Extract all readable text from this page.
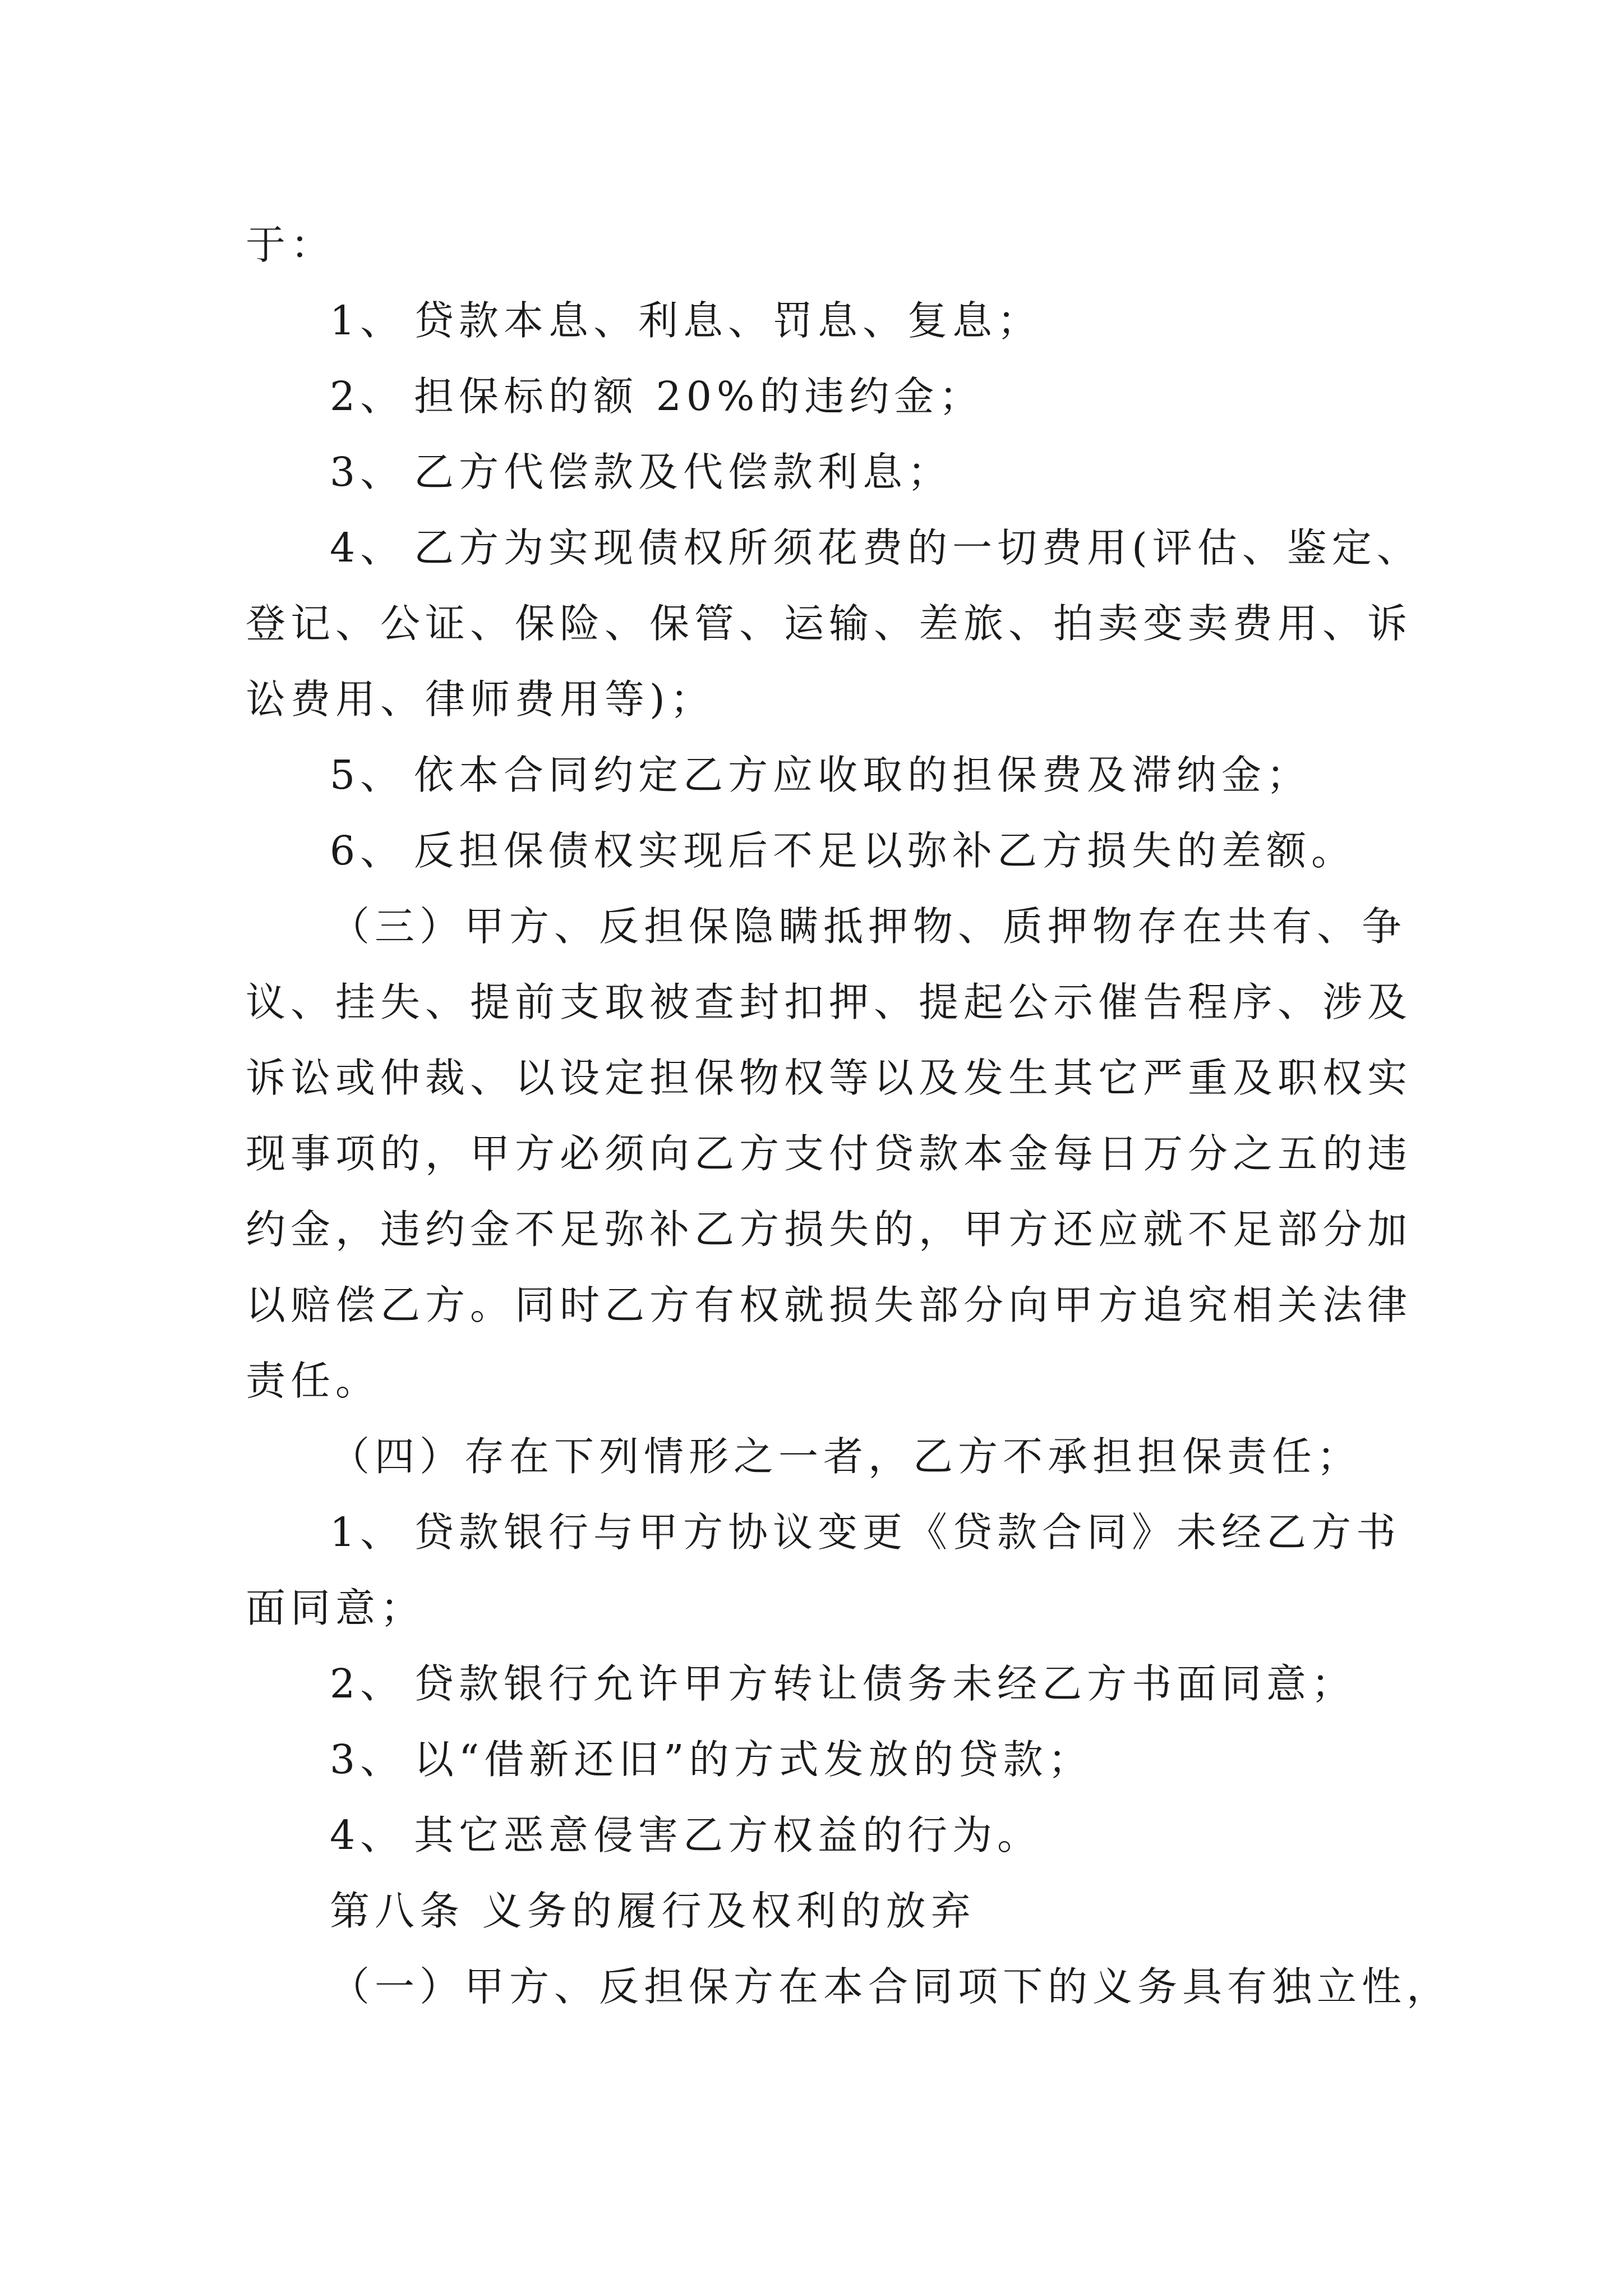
于：
1、 贷款本息、利息、罚息、复息；
2、 担保标的额 20%的违约金；
3、 乙方代偿款及代偿款利息；
4、 乙方为实现债权所须花费的一切费用(评估、鉴定、
登记、公证、保险、保管、运输、差旅、拍卖变卖费用、诉
讼费用、律师费用等)；
5、 依本合同约定乙方应收取的担保费及滞纳金；
6、 反担保债权实现后不足以弥补乙方损失的差额。
（三）甲方、反担保隐瞒抵押物、质押物存在共有、争
议、挂失、提前支取被查封扣押、提起公示催告程序、涉及
诉讼或仲裁、以设定担保物权等以及发生其它严重及职权实
现事项的，甲方必须向乙方支付贷款本金每日万分之五的违
约金，违约金不足弥补乙方损失的，甲方还应就不足部分加
以赔偿乙方。同时乙方有权就损失部分向甲方追究相关法律
责任。
（四）存在下列情形之一者，乙方不承担担保责任；
1、 贷款银行与甲方协议变更《贷款合同》未经乙方书
面同意；
2、 贷款银行允许甲方转让债务未经乙方书面同意；
3、 以“借新还旧”的方式发放的贷款；
4、 其它恶意侵害乙方权益的行为。
第八条 义务的履行及权利的放弃
（一）甲方、反担保方在本合同项下的义务具有独立性，
